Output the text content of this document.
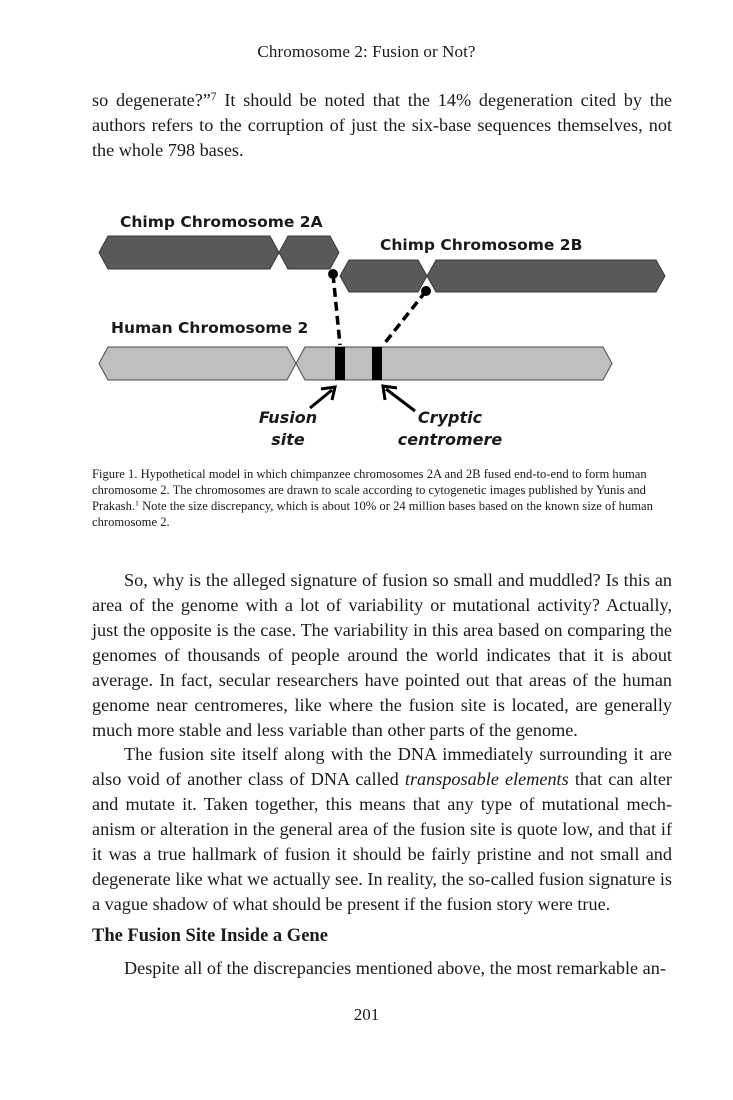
Chromosome 2: Fusion or Not?

so degenerate?”$^7$ It should be noted that the 14% degeneration cited by the authors refers to the corruption of just the six-base sequences themselves, not the whole 798 bases.

Chimp Chromosome 2A
Chimp Chromosome 2B
Human Chromosome 2
Fusion
site
Cryptic
centromere
Figure 1. Hypothetical model in which chimpanzee chromosomes 2A and 2B fused end-to-end to form human chromosome 2. The chromosomes are drawn to scale according to cytogenetic images published by Yunis and Prakash.$^1$ Note the size discrepancy, which is about 10% or 24 million bases based on the known size of human chromosome 2.

So, why is the alleged signature of fusion so small and muddled? Is this an area of the genome with a lot of variability or mutational activity? Actually, just the opposite is the case. The variability in this area based on comparing the genomes of thousands of people around the world indicates that it is about average. In fact, secular researchers have pointed out that areas of the human genome near centromeres, like where the fusion site is located, are generally much more stable and less variable than other parts of the genome.

The fusion site itself along with the DNA immediately surrounding it are also void of another class of DNA called transposable elements that can alter and mutate it. Taken together, this means that any type of mutational mechanism or alteration in the general area of the fusion site is quote low, and that if it was a true hallmark of fusion it should be fairly pristine and not small and degenerate like what we actually see. In reality, the so-called fusion signature is a vague shadow of what should be present if the fusion story were true.

The Fusion Site Inside a Gene

Despite all of the discrepancies mentioned above, the most remarkable an-

201
